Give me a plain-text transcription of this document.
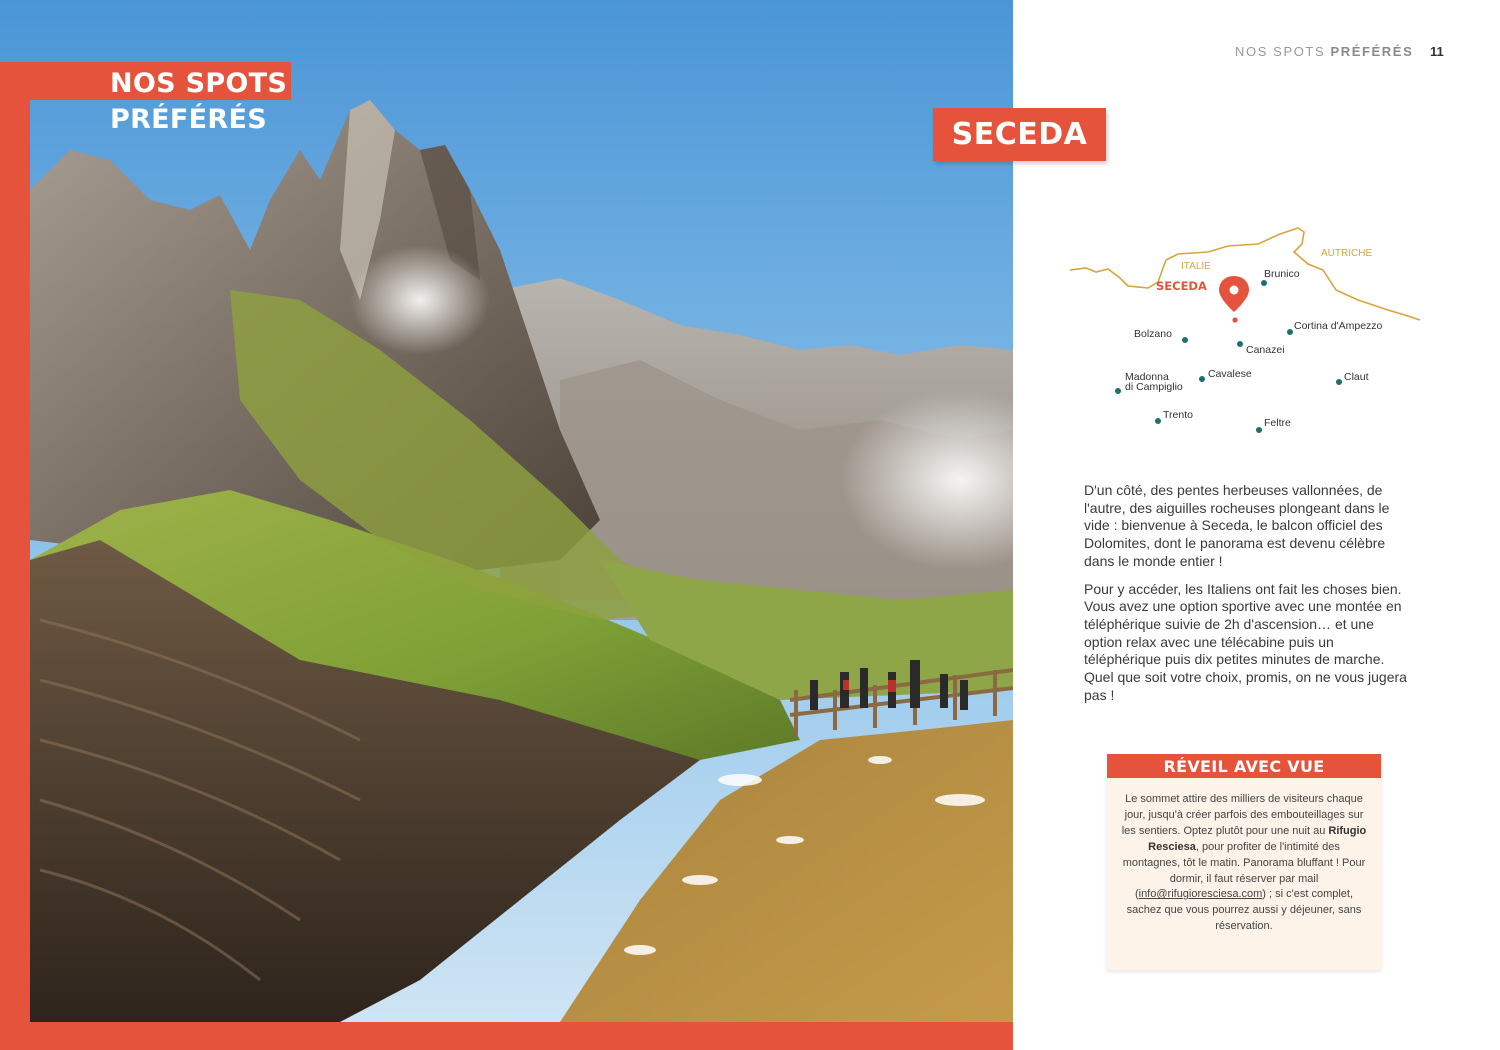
NOS SPOTS
PRÉFÉRÉS
NOS SPOTS PRÉFÉRÉS 11
SECEDA
ITALIE
AUTRICHE
SECEDA
Brunico
Bolzano
Canazei
Cortina d'Ampezzo
Madonna
di Campiglio
Cavalese	Claut
Trento
Feltre

D'un côté, des pentes herbeuses vallonnées, de l'autre, des aiguilles rocheuses plongeant dans le vide : bienvenue à Seceda, le balcon officiel des Dolomites, dont le panorama est devenu célèbre dans le monde entier !

Pour y accéder, les Italiens ont fait les choses bien. Vous avez une option sportive avec une montée en téléphérique suivie de 2h d'ascension… et une option relax avec une télécabine puis un téléphérique puis dix petites minutes de marche. Quel que soit votre choix, promis, on ne vous jugera pas !

RÉVEIL AVEC VUE
Le sommet attire des milliers de visiteurs chaque jour, jusqu'à créer parfois des embouteillages sur les sentiers. Optez plutôt pour une nuit au Rifugio Resciesa, pour profiter de l'intimité des montagnes, tôt le matin. Panorama bluffant ! Pour dormir, il faut réserver par mail (info@rifugioresciesa.com) ; si c'est complet, sachez que vous pourrez aussi y déjeuner, sans réservation.
